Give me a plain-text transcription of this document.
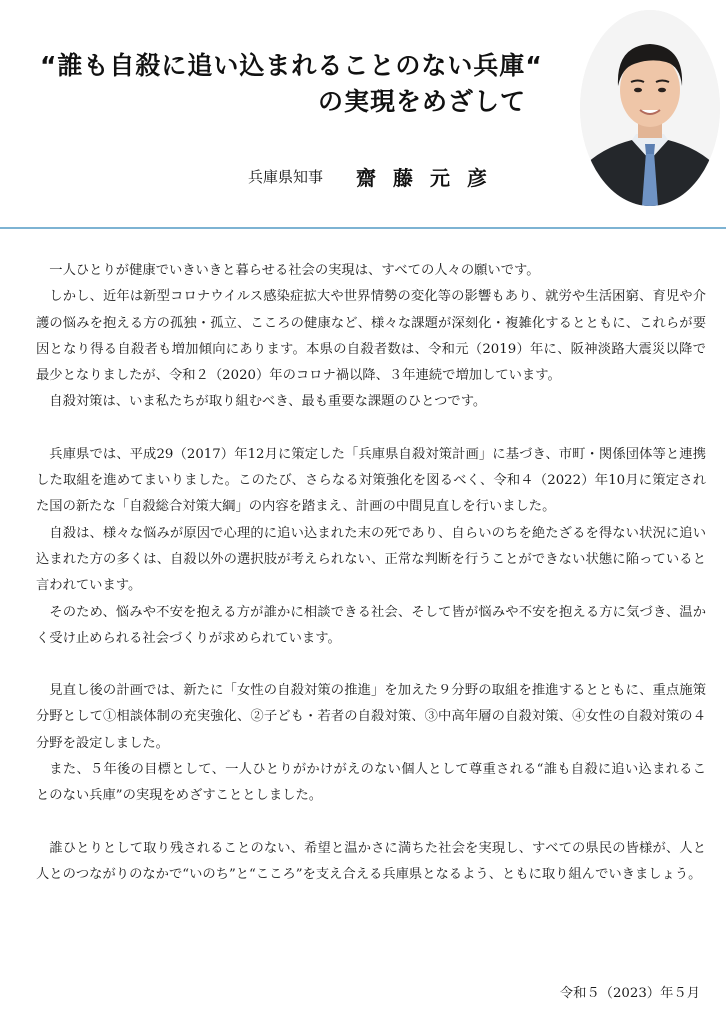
“誰も自殺に追い込まれることのない兵庫“
の実現をめざして
兵庫県知事 齋藤元彦

一人ひとりが健康でいきいきと暮らせる社会の実現は、すべての人々の願いです。

しかし、近年は新型コロナウイルス感染症拡大や世界情勢の変化等の影響もあり、就労や生活困窮、育児や介護の悩みを抱える方の孤独・孤立、こころの健康など、様々な課題が深刻化・複雑化するとともに、これらが要因となり得る自殺者も増加傾向にあります。本県の自殺者数は、令和元（2019）年に、阪神淡路大震災以降で最少となりましたが、令和２（2020）年のコロナ禍以降、３年連続で増加しています。

自殺対策は、いま私たちが取り組むべき、最も重要な課題のひとつです。

兵庫県では、平成29（2017）年12月に策定した「兵庫県自殺対策計画」に基づき、市町・関係団体等と連携した取組を進めてまいりました。このたび、さらなる対策強化を図るべく、令和４（2022）年10月に策定された国の新たな「自殺総合対策大綱」の内容を踏まえ、計画の中間見直しを行いました。

自殺は、様々な悩みが原因で心理的に追い込まれた末の死であり、自らいのちを絶たざるを得ない状況に追い込まれた方の多くは、自殺以外の選択肢が考えられない、正常な判断を行うことができない状態に陥っていると言われています。

そのため、悩みや不安を抱える方が誰かに相談できる社会、そして皆が悩みや不安を抱える方に気づき、温かく受け止められる社会づくりが求められています。

見直し後の計画では、新たに「女性の自殺対策の推進」を加えた９分野の取組を推進するとともに、重点施策分野として①相談体制の充実強化、②子ども・若者の自殺対策、③中高年層の自殺対策、④女性の自殺対策の４分野を設定しました。

また、５年後の目標として、一人ひとりがかけがえのない個人として尊重される“誰も自殺に追い込まれることのない兵庫”の実現をめざすこととしました。

誰ひとりとして取り残されることのない、希望と温かさに満ちた社会を実現し、すべての県民の皆様が、人と人とのつながりのなかで“いのち”と“こころ”を支え合える兵庫県となるよう、ともに取り組んでいきましょう。

令和５（2023）年５月
